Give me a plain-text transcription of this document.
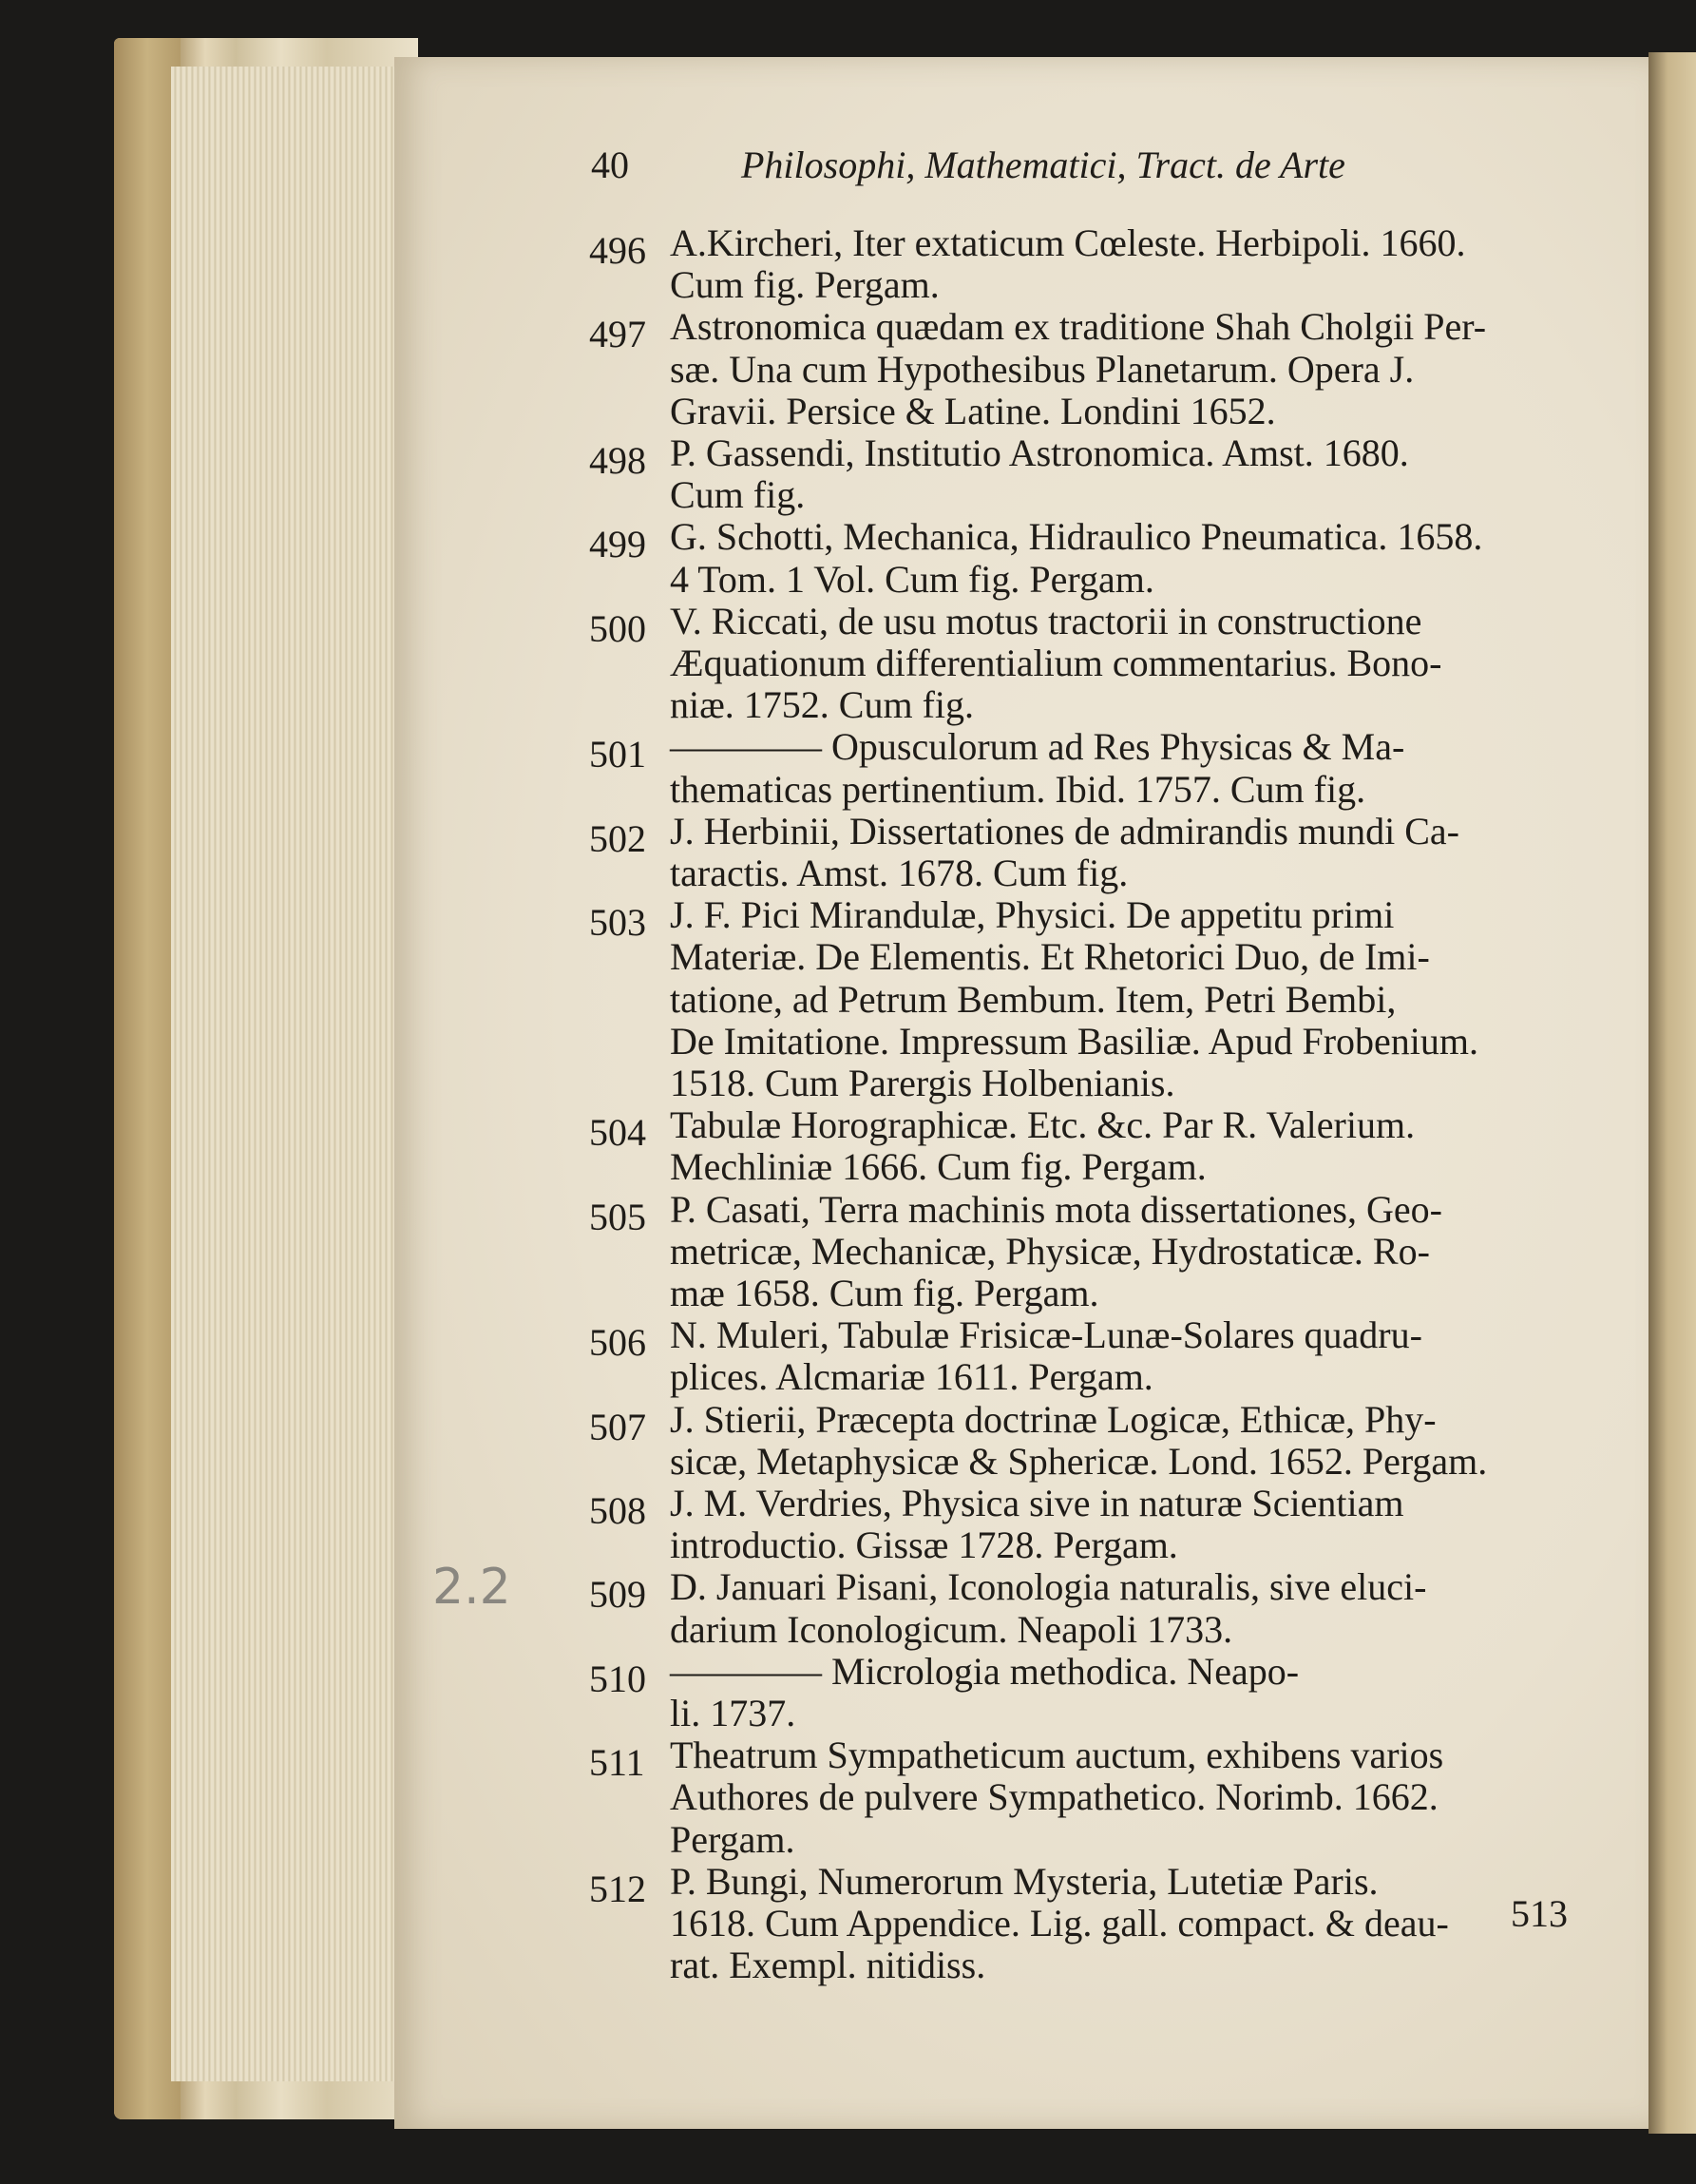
40	Philosophi, Mathematici, Tract. de Arte
496 A.Kircheri, Iter extaticum Cœleste. Herbipoli. 1660.
Cum fig. Pergam.
497 Astronomica quædam ex traditione Shah Cholgii Per-
sæ. Una cum Hypothesibus Planetarum. Opera J.
Gravii. Persice & Latine. Londini 1652.
498 P. Gassendi, Institutio Astronomica. Amst. 1680.
Cum fig.
499 G. Schotti, Mechanica, Hidraulico Pneumatica. 1658.
4 Tom. 1 Vol. Cum fig. Pergam.
500 V. Riccati, de usu motus tractorii in constructione
Æquationum differentialium commentarius. Bono-
niæ. 1752. Cum fig.
501 ———— Opusculorum ad Res Physicas & Ma-
thematicas pertinentium. Ibid. 1757. Cum fig.
502 J. Herbinii, Dissertationes de admirandis mundi Ca-
taractis. Amst. 1678. Cum fig.
503 J. F. Pici Mirandulæ, Physici. De appetitu primi
Materiæ. De Elementis. Et Rhetorici Duo, de Imi-
tatione, ad Petrum Bembum. Item, Petri Bembi,
De Imitatione. Impressum Basiliæ. Apud Frobenium.
1518. Cum Parergis Holbenianis.
504 Tabulæ Horographicæ. Etc. &c. Par R. Valerium.
Mechliniæ 1666. Cum fig. Pergam.
505 P. Casati, Terra machinis mota dissertationes, Geo-
metricæ, Mechanicæ, Physicæ, Hydrostaticæ. Ro-
mæ 1658. Cum fig. Pergam.
506 N. Muleri, Tabulæ Frisicæ-Lunæ-Solares quadru-
plices. Alcmariæ 1611. Pergam.
507 J. Stierii, Præcepta doctrinæ Logicæ, Ethicæ, Phy-
sicæ, Metaphysicæ & Sphericæ. Lond. 1652. Pergam.
508 J. M. Verdries, Physica sive in naturæ Scientiam
introductio. Gissæ 1728. Pergam.
509 D. Januari Pisani, Iconologia naturalis, sive eluci-
darium Iconologicum. Neapoli 1733.
510 ———— Micrologia methodica. Neapo-
li. 1737.
511 Theatrum Sympatheticum auctum, exhibens varios
Authores de pulvere Sympathetico. Norimb. 1662.
Pergam.
512 P. Bungi, Numerorum Mysteria, Lutetiæ Paris.
1618. Cum Appendice. Lig. gall. compact. & deau-
rat. Exempl. nitidiss.
2.2
513
